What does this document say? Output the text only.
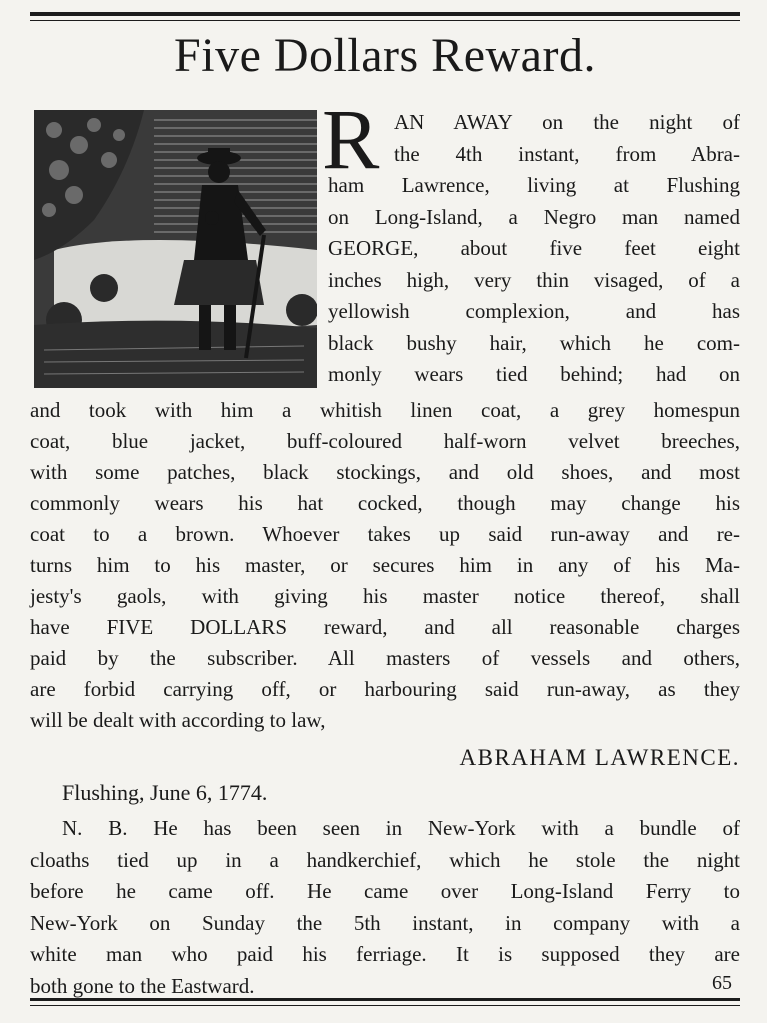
Five Dollars Reward.
R AN AWAY on the night of
the 4th instant, from Abra-
ham Lawrence, living at Flushing
on Long-Island, a Negro man named
GEORGE, about five feet eight
inches high, very thin visaged, of a
yellowish complexion, and has
black bushy hair, which he com-
monly wears tied behind; had on
and took with him a whitish linen coat, a grey homespun
coat, blue jacket, buff-coloured half-worn velvet breeches,
with some patches, black stockings, and old shoes, and most
commonly wears his hat cocked, though may change his
coat to a brown. Whoever takes up said run-away and re-
turns him to his master, or secures him in any of his Ma-
jesty's gaols, with giving his master notice thereof, shall
have FIVE DOLLARS reward, and all reasonable charges
paid by the subscriber. All masters of vessels and others,
are forbid carrying off, or harbouring said run-away, as they
will be dealt with according to law,
ABRAHAM LAWRENCE.
Flushing, June 6, 1774.
N. B. He has been seen in New-York with a bundle of
cloaths tied up in a handkerchief, which he stole the night
before he came off. He came over Long-Island Ferry to
New-York on Sunday the 5th instant, in company with a
white man who paid his ferriage. It is supposed they are
both gone to the Eastward.	65
